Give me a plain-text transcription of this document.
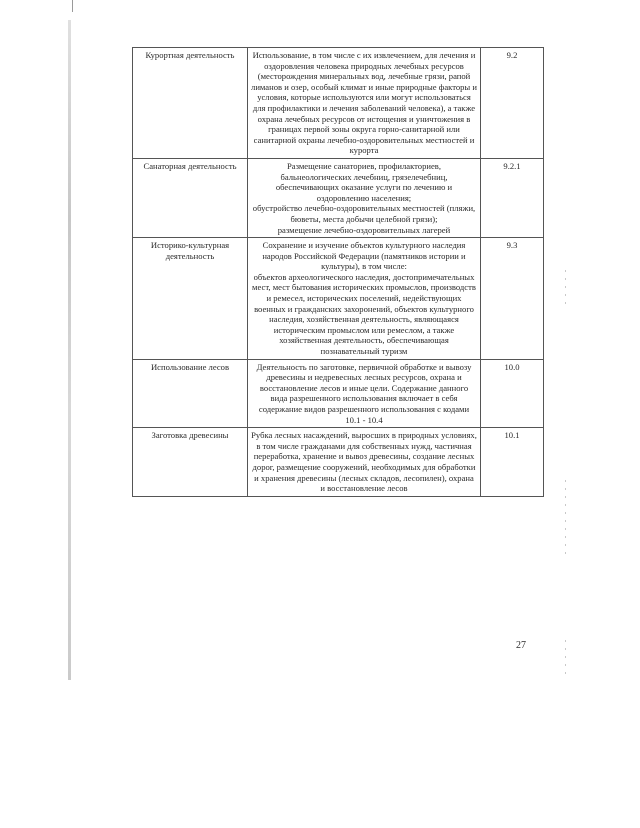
Курортная деятельность	Использование, в том числе с их извлечением, для лечения и оздоровления человека природных лечебных ресурсов (месторождения минеральных вод, лечебные грязи, рапой лиманов и озер, особый климат и иные природные факторы и условия, которые используются или могут использоваться для профилактики и лечения заболеваний человека), а также охрана лечебных ресурсов от истощения и уничтожения в границах первой зоны округа горно-санитарной или санитарной охраны лечебно-оздоровительных местностей и курорта	9.2
Санаторная деятельность	Размещение санаториев, профилакториев, бальнеологических лечебниц, грязелечебниц, обеспечивающих оказание услуги по лечению и оздоровлению населения;

обустройство лечебно-оздоровительных местностей (пляжи, бюветы, места добычи целебной грязи);

размещение лечебно-оздоровительных лагерей	9.2.1
Историко-культурная деятельность	Сохранение и изучение объектов культурного наследия народов Российской Федерации (памятников истории и культуры), в том числе:

объектов археологического наследия, достопримечательных мест, мест бытования исторических промыслов, производств и ремесел, исторических поселений, недействующих военных и гражданских захоронений, объектов культурного наследия, хозяйственная деятельность, являющаяся историческим промыслом или ремеслом, а также хозяйственная деятельность, обеспечивающая познавательный туризм	9.3
Использование лесов	Деятельность по заготовке, первичной обработке и вывозу древесины и недревесных лесных ресурсов, охрана и восстановление лесов и иные цели. Содержание данного вида разрешенного использования включает в себя содержание видов разрешенного использования с кодами 10.1 - 10.4	10.0
Заготовка древесины	Рубка лесных насаждений, выросших в природных условиях, в том числе гражданами для собственных нужд, частичная переработка, хранение и вывоз древесины, создание лесных дорог, размещение сооружений, необходимых для обработки и хранения древесины (лесных складов, лесопилен), охрана и восстановление лесов	10.1
27
